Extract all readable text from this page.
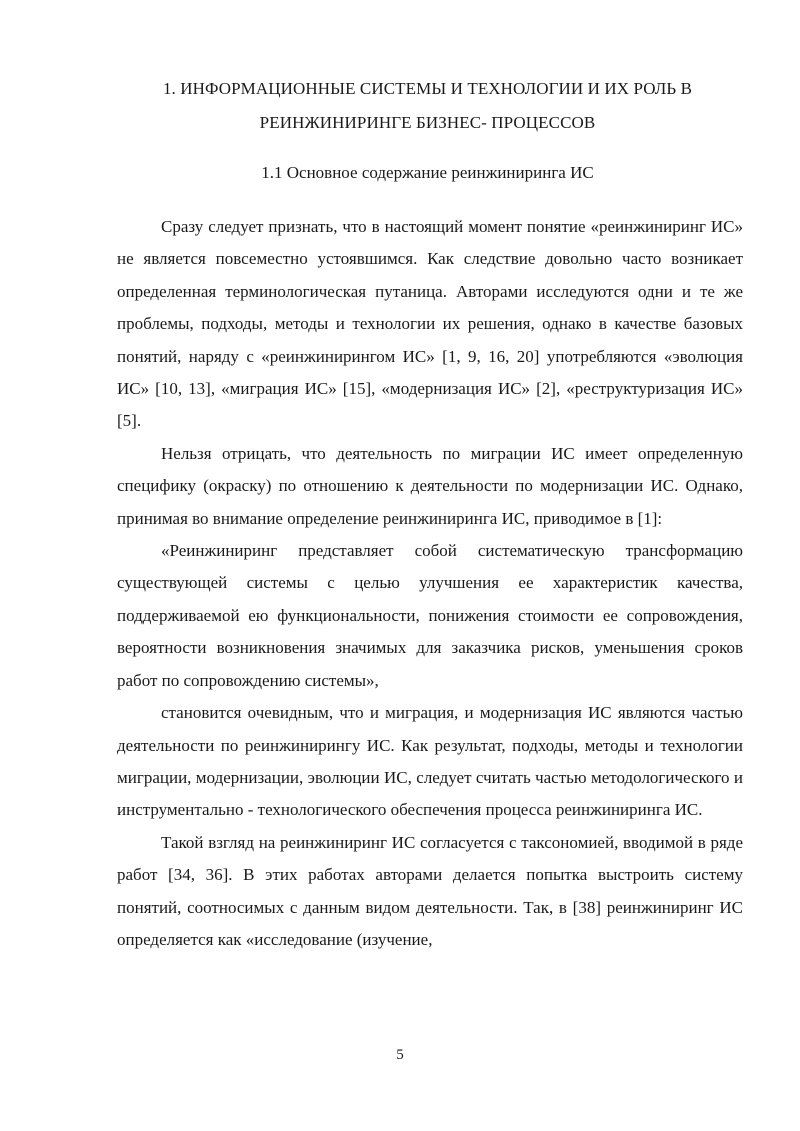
1. ИНФОРМАЦИОННЫЕ СИСТЕМЫ И ТЕХНОЛОГИИ И ИХ РОЛЬ В РЕИНЖИНИРИНГЕ БИЗНЕС- ПРОЦЕССОВ
1.1 Основное содержание реинжиниринга ИС

Сразу следует признать, что в настоящий момент понятие «реинжиниринг ИС» не является повсеместно устоявшимся. Как следствие довольно часто возникает определенная терминологическая путаница. Авторами исследуются одни и те же проблемы, подходы, методы и технологии их решения, однако в качестве базовых понятий, наряду с «реинжинирингом ИС» [1, 9, 16, 20] употребляются «эволюция ИС» [10, 13], «миграция ИС» [15], «модернизация ИС» [2], «реструктуризация ИС» [5].

Нельзя отрицать, что деятельность по миграции ИС имеет определенную специфику (окраску) по отношению к деятельности по модернизации ИС. Однако, принимая во внимание определение реинжиниринга ИС, приводимое в [1]:

«Реинжиниринг представляет собой систематическую трансформацию существующей системы с целью улучшения ее характеристик качества, поддерживаемой ею функциональности, понижения стоимости ее сопровождения, вероятности возникновения значимых для заказчика рисков, уменьшения сроков работ по сопровождению системы»,

становится очевидным, что и миграция, и модернизация ИС являются частью деятельности по реинжинирингу ИС. Как результат, подходы, методы и технологии миграции, модернизации, эволюции ИС, следует считать частью методологического и инструментально - технологического обеспечения процесса реинжиниринга ИС.

Такой взгляд на реинжиниринг ИС согласуется с таксономией, вводимой в ряде работ [34, 36]. В этих работах авторами делается попытка выстроить систему понятий, соотносимых с данным видом деятельности. Так, в [38] реинжиниринг ИС определяется как «исследование (изучение,

5
